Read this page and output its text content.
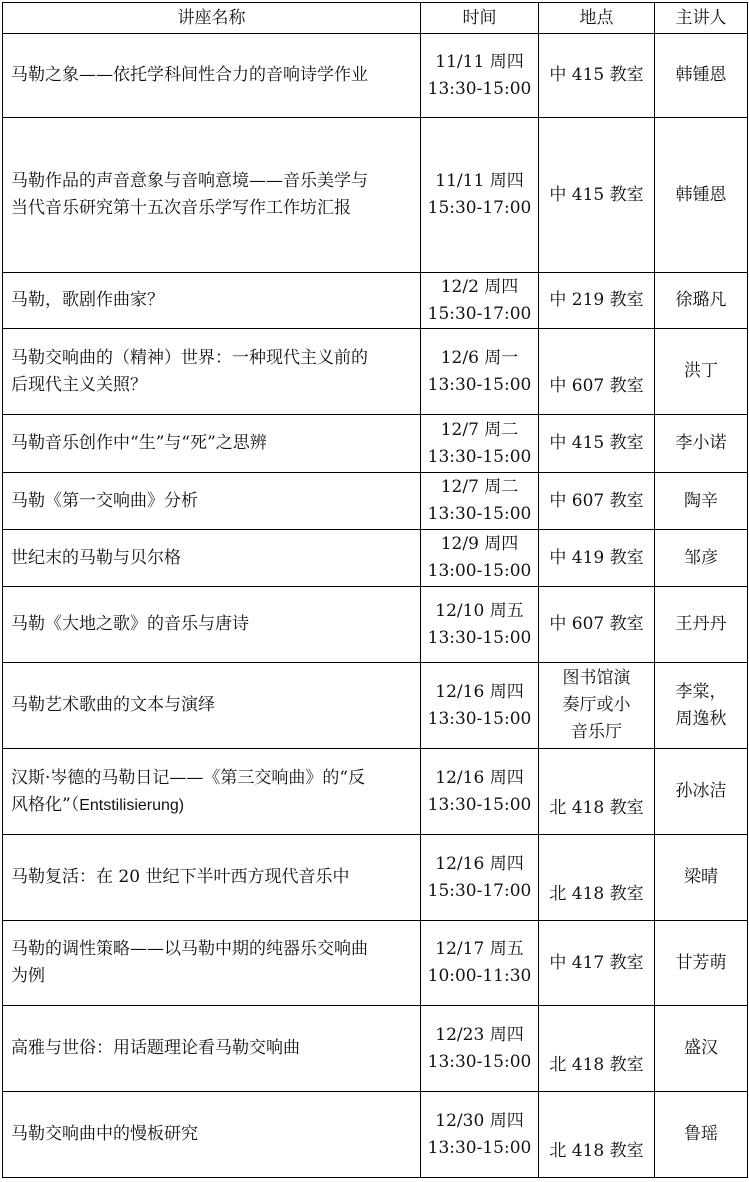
讲座名称	时间	地点	主讲人

马勒之象——依托学科间性合力的音响诗学作业	11/11 周四
13:30-15:00	中 415 教室	韩锺恩

马勒作品的声音意象与音响意境——音乐美学与
当代音乐研究第十五次音乐学写作工作坊汇报	11/11 周四
15:30-17:00	中 415 教室	韩锺恩

马勒，歌剧作曲家？	12/2 周四
15:30-17:00	中 219 教室	徐璐凡

马勒交响曲的（精神）世界：一种现代主义前的
后现代主义关照？	12/6 周一
13:30-15:00	中 607 教室	洪丁

马勒音乐创作中“生”与“死”之思辨	12/7 周二
13:30-15:00	中 415 教室	李小诺

马勒《第一交响曲》分析	12/7 周二
13:30-15:00	中 607 教室	陶辛

世纪末的马勒与贝尔格	12/9 周四
13:00-15:00	中 419 教室	邹彦

马勒《大地之歌》的音乐与唐诗	12/10 周五
13:30-15:00	中 607 教室	王丹丹

马勒艺术歌曲的文本与演绎	12/16 周四
13:30-15:00	图书馆演
奏厅或小
音乐厅	李棠，
周逸秋

汉斯·岑德的马勒日记——《第三交响曲》的“反
风格化”（Entstilisierung)	12/16 周四
13:30-15:00	北 418 教室	孙冰洁

马勒复活：在 20 世纪下半叶西方现代音乐中	12/16 周四
15:30-17:00	北 418 教室	梁晴

马勒的调性策略——以马勒中期的纯器乐交响曲
为例	12/17 周五
10:00-11:30	中 417 教室	甘芳萌

高雅与世俗：用话题理论看马勒交响曲	12/23 周四
13:30-15:00	北 418 教室	盛汉

马勒交响曲中的慢板研究	12/30 周四
13:30-15:00	北 418 教室	鲁瑶
